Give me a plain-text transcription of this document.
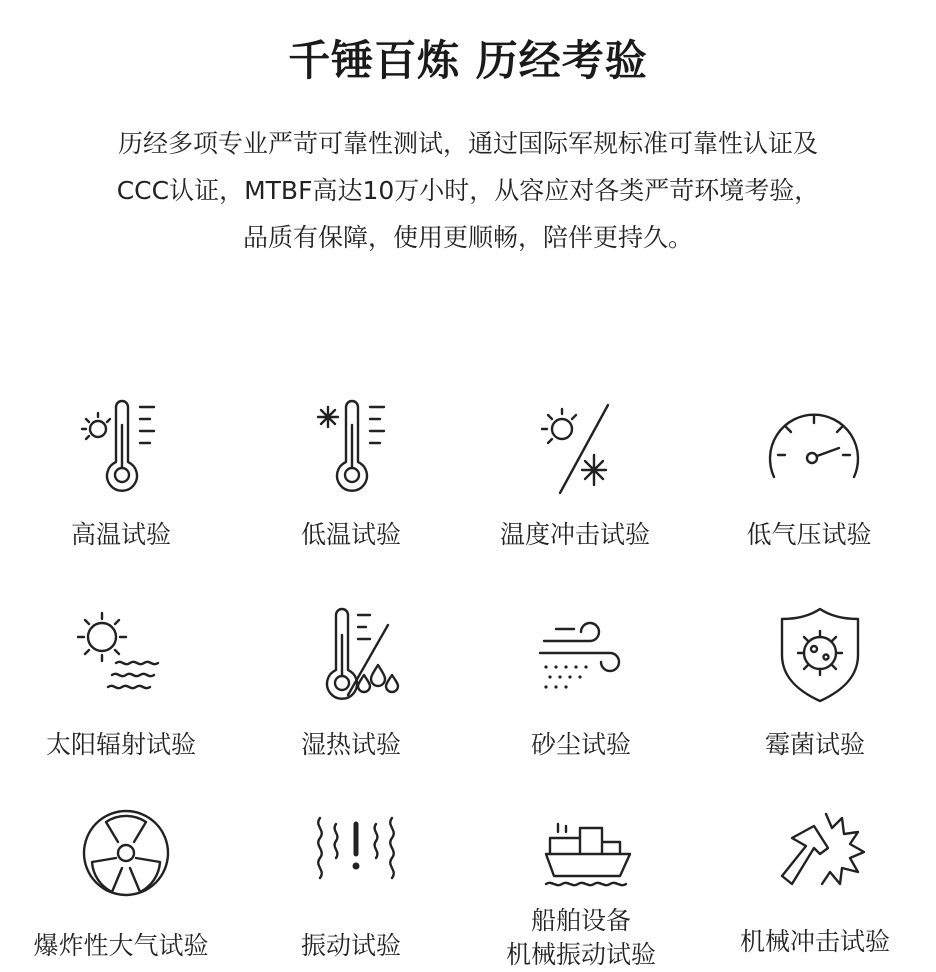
千锤百炼 历经考验

历经多项专业严苛可靠性测试，通过国际军规标准可靠性认证及

CCC认证，MTBF高达10万小时，从容应对各类严苛环境考验，

品质有保障，使用更顺畅，陪伴更持久。

高温试验	低温试验	温度冲击试验	低气压试验
太阳辐射试验	湿热试验	砂尘试验	霉菌试验
爆炸性大气试验	振动试验
船舶设备
机械振动试验	机械冲击试验
